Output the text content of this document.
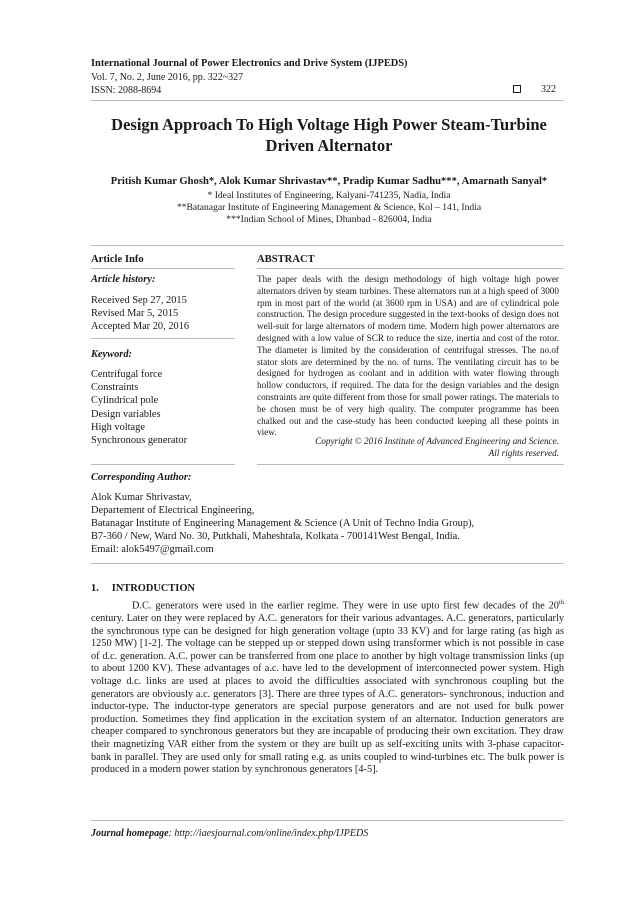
International Journal of Power Electronics and Drive System (IJPEDS)
Vol. 7, No. 2, June 2016, pp. 322~327
ISSN: 2088-8694	322
Design Approach To High Voltage High Power Steam-Turbine
Driven Alternator
Pritish Kumar Ghosh*, Alok Kumar Shrivastav**, Pradip Kumar Sadhu***, Amarnath Sanyal*
* Ideal Institutes of Engineering, Kalyani-741235, Nadia, India
**Batanagar Institute of Engineering Management & Science, Kol – 141, India
***Indian School of Mines, Dhanbad - 826004, India
Article Info	ABSTRACT
Article history:
Received Sep 27, 2015
Revised Mar 5, 2015
Accepted Mar 20, 2016
Keyword:
Centrifugal force
Constraints
Cylindrical pole
Design variables
High voltage
Synchronous generator
The paper deals with the design methodology of high voltage high power alternators driven by steam turbines. These alternators run at a high speed of 3000 rpm in most part of the world (at 3600 rpm in USA) and are of cylindrical pole construction. The design procedure suggested in the text-books of design does not well-suit for large alternators of modern time. Modern high power alternators are designed with a low value of SCR to reduce the size, inertia and cost of the rotor. The diameter is limited by the consideration of centrifugal stresses. The no.of stator slots are determined by the no. of turns. The ventilating circuit has to be designed for hydrogen as coolant and in addition with water flowing through hollow conductors, if required. The data for the design variables and the design constraints are quite different from those for small power ratings. The materials to be chosen must be of very high quality. The computer programme has been chalked out and the case-study has been conducted keeping all these points in view.
Copyright © 2016 Institute of Advanced Engineering and Science.
All rights reserved.
Corresponding Author:
Alok Kumar Shrivastav,
Departement of Electrical Engineering,
Batanagar Institute of Engineering Management & Science (A Unit of Techno India Group),
B7-360 / New, Ward No. 30, Putkhali, Maheshtala, Kolkata - 700141West Bengal, India.
Email: alok5497@gmail.com
1.     INTRODUCTION
D.C. generators were used in the earlier regime. They were in use upto first few decades of the 20th century. Later on they were replaced by A.C. generators for their various advantages. A.C. generators, particularly the synchronous type can be designed for high generation voltage (upto 33 KV) and for large rating (as high as 1250 MW) [1-2]. The voltage can be stepped up or stepped down using transformer which is not possible in case of d.c. generation. A.C. power can be transferred from one place to another by high voltage transmission links (up to about 1200 KV). These advantages of a.c. have led to the development of interconnected power system. High voltage d.c. links are used at places to avoid the difficulties associated with synchronous coupling but the generators are obviously a.c. generators [3]. There are three types of A.C. generators- synchronous, induction and inductor-type. The inductor-type generators are special purpose generators and are not used for bulk power production. Sometimes they find application in the excitation system of an alternator. Induction generators are cheaper compared to synchronous generators but they are incapable of producing their own excitation. They draw their magnetizing VAR either from the system or they are built up as self-exciting units with 3-phase capacitor-bank in parallel. They are used only for small rating e.g. as units coupled to wind-turbines etc. The bulk power is produced in a modern power station by synchronous generators [4-5].
Journal homepage: http://iaesjournal.com/online/index.php/IJPEDS
